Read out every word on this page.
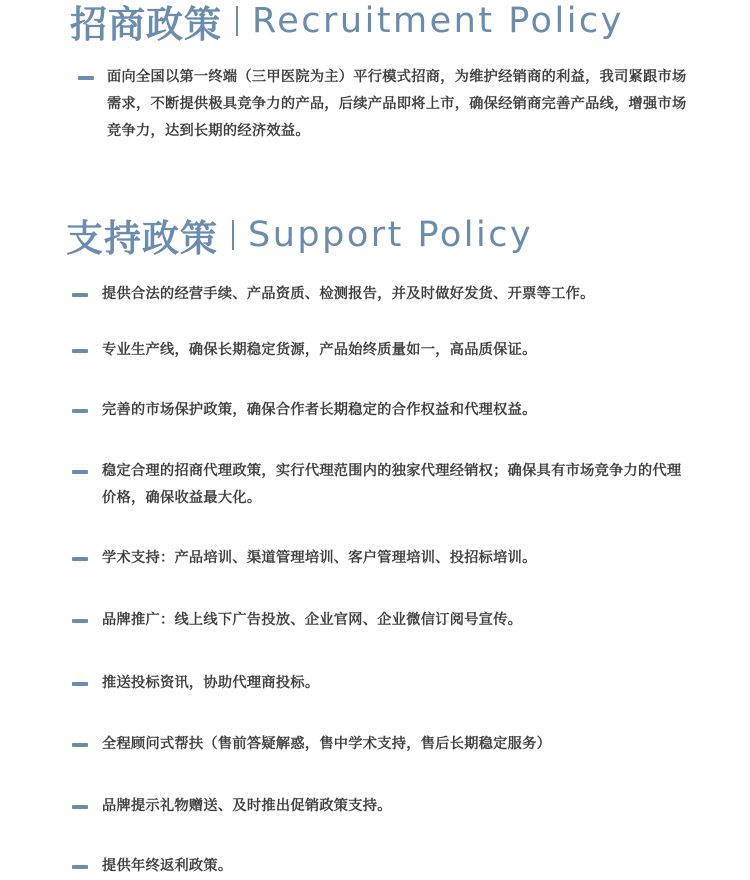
招商政策 Recruitment Policy
面向全国以第一终端（三甲医院为主）平行模式招商，为维护经销商的利益，我司紧跟市场需求，不断提供极具竞争力的产品，后续产品即将上市，确保经销商完善产品线，增强市场竞争力，达到长期的经济效益。
支持政策 Support Policy
提供合法的经营手续、产品资质、检测报告，并及时做好发货、开票等工作。
专业生产线，确保长期稳定货源，产品始终质量如一，高品质保证。
完善的市场保护政策，确保合作者长期稳定的合作权益和代理权益。
稳定合理的招商代理政策，实行代理范围内的独家代理经销权；确保具有市场竞争力的代理价格，确保收益最大化。
学术支持：产品培训、渠道管理培训、客户管理培训、投招标培训。
品牌推广：线上线下广告投放、企业官网、企业微信订阅号宣传。
推送投标资讯，协助代理商投标。
全程顾问式帮扶（售前答疑解惑，售中学术支持，售后长期稳定服务）
品牌提示礼物赠送、及时推出促销政策支持。
提供年终返利政策。
